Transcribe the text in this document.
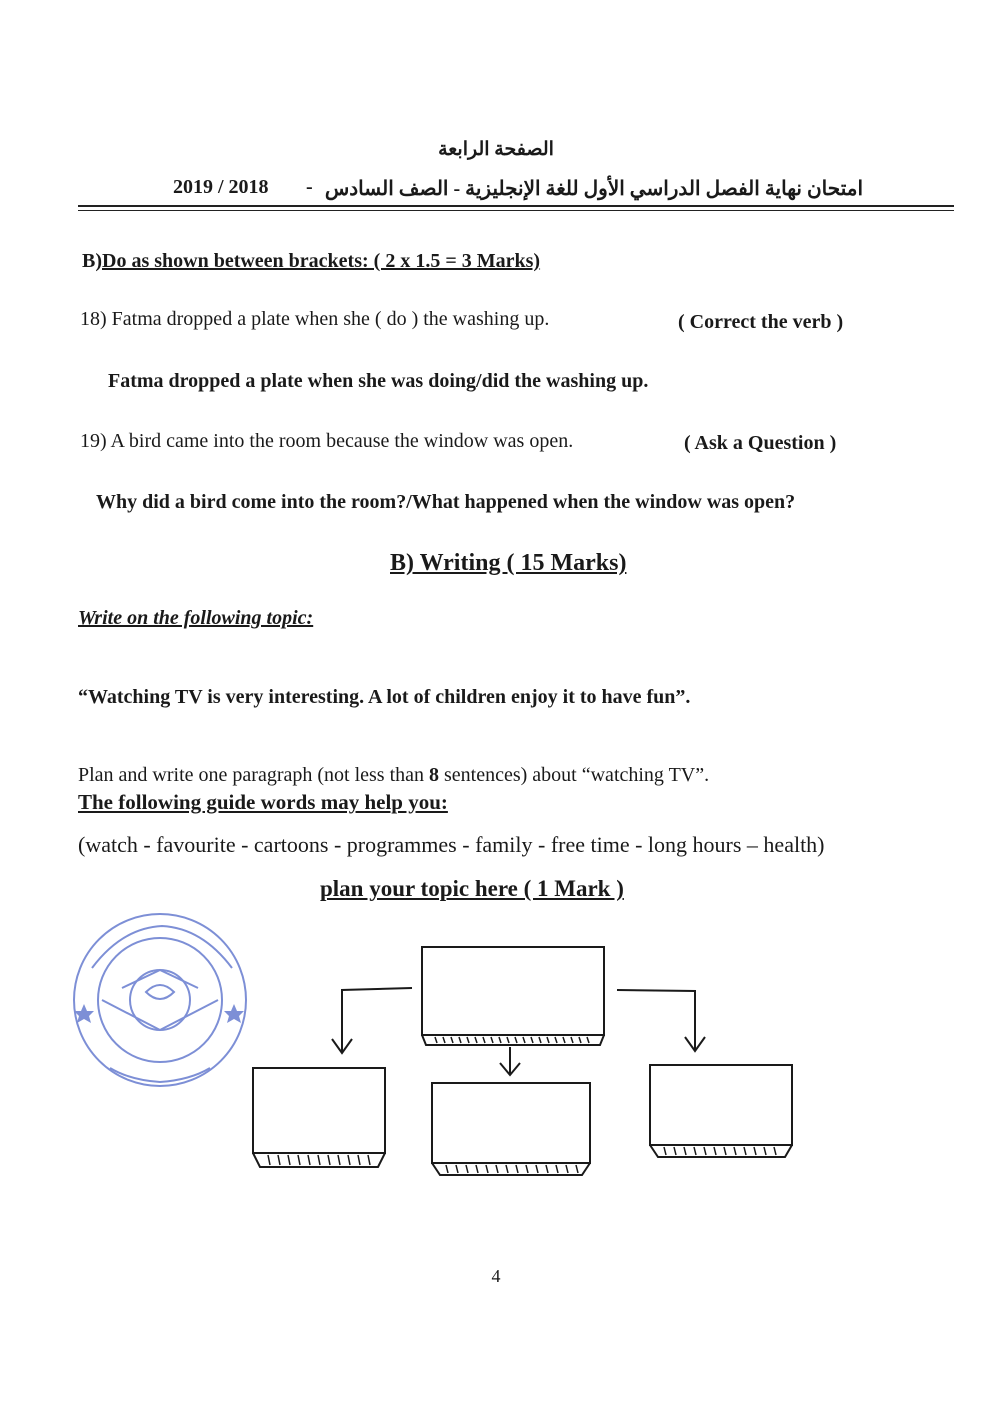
الصفحة الرابعة
2019 / 2018 - امتحان نهاية الفصل الدراسي الأول للغة الإنجليزية - الصف السادس
B)Do as shown between brackets: ( 2 x 1.5 = 3 Marks)
18) Fatma dropped a plate when she ( do ) the washing up.	( Correct the verb )
Fatma dropped a plate when she was doing/did the washing up.
19) A bird came into the room because the window was open.	( Ask a Question )
Why did a bird come into the room?/What happened when the window was open?
B) Writing ( 15 Marks)
Write on the following topic:
“Watching TV is very interesting. A lot of children enjoy it to have fun”.
Plan and write one paragraph (not less than 8 sentences) about “watching TV”.
The following guide words may help you:
(watch - favourite - cartoons - programmes - family - free time - long hours – health)
plan your topic here ( 1 Mark )
4
